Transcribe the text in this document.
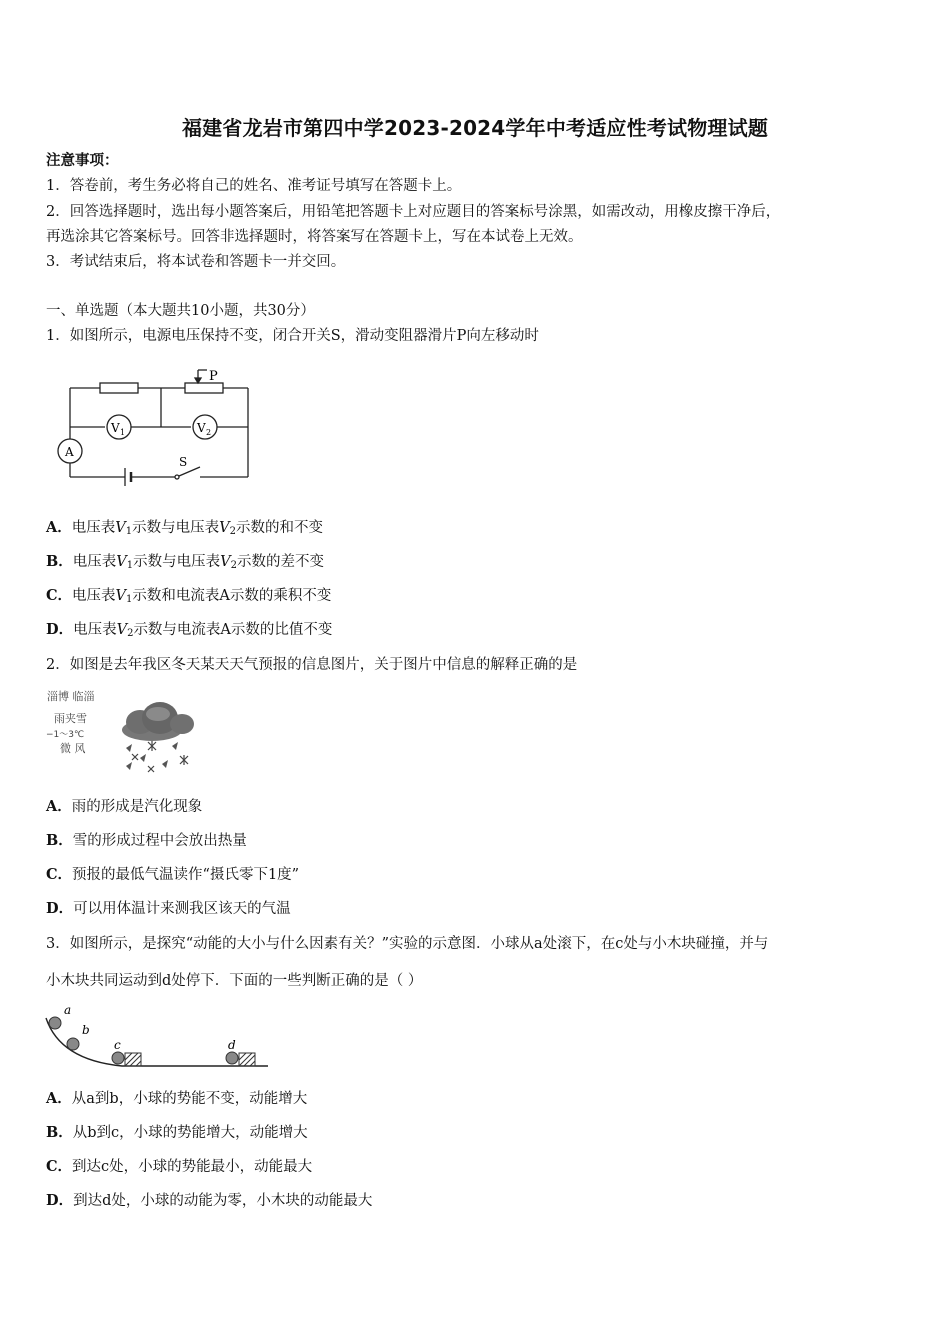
福建省龙岩市第四中学2023-2024学年中考适应性考试物理试题
注意事项：
1．答卷前，考生务必将自己的姓名、准考证号填写在答题卡上。
2．回答选择题时，选出每小题答案后，用铅笔把答题卡上对应题目的答案标号涂黑，如需改动，用橡皮擦干净后，
再选涂其它答案标号。回答非选择题时，将答案写在答题卡上，写在本试卷上无效。
3．考试结束后，将本试卷和答题卡一并交回。
一、单选题（本大题共10小题，共30分）
1．如图所示，电源电压保持不变，闭合开关S，滑动变阻器滑片P向左移动时
P
V 1	V 2
A
S
A．电压表$V_1$示数与电压表$V_2$示数的和不变
B．电压表$V_1$示数与电压表$V_2$示数的差不变
C．电压表$V_1$示数和电流表A示数的乘积不变
D．电压表$V_2$示数与电流表A示数的比值不变
2．如图是去年我区冬天某天天气预报的信息图片，关于图片中信息的解释正确的是
淄博 临淄
雨夹雪
−1～3℃
微 风
A．雨的形成是汽化现象
B．雪的形成过程中会放出热量
C．预报的最低气温读作“摄氏零下1度”
D．可以用体温计来测我区该天的气温
3．如图所示，是探究“动能的大小与什么因素有关？”实验的示意图．小球从a处滚下，在c处与小木块碰撞，并与
小木块共同运动到d处停下．下面的一些判断正确的是（ ）
a
b
c	d
A．从a到b，小球的势能不变，动能增大
B．从b到c，小球的势能增大，动能增大
C．到达c处，小球的势能最小，动能最大
D．到达d处，小球的动能为零，小木块的动能最大
